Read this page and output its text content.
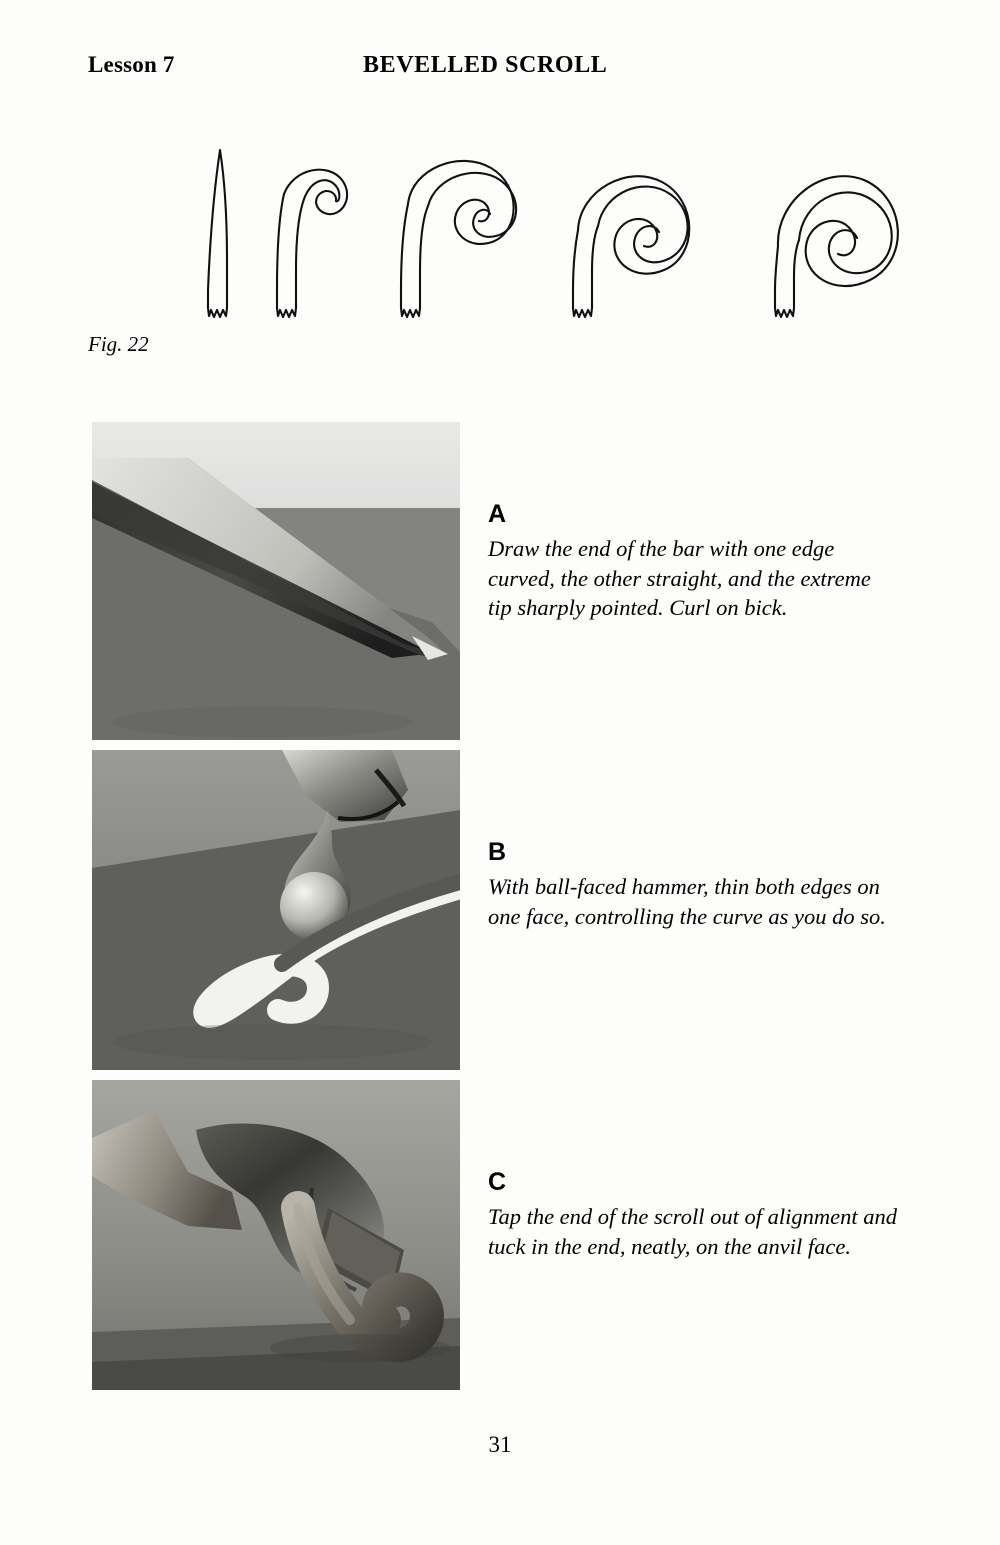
Lesson 7	BEVELLED SCROLL
Fig. 22
A
Draw the end of the bar with one edge curved, the other straight, and the extreme tip sharply pointed. Curl on bick.
B
With ball-faced hammer, thin both edges on one face, controlling the curve as you do so.
C
Tap the end of the scroll out of alignment and tuck in the end, neatly, on the anvil face.
31
